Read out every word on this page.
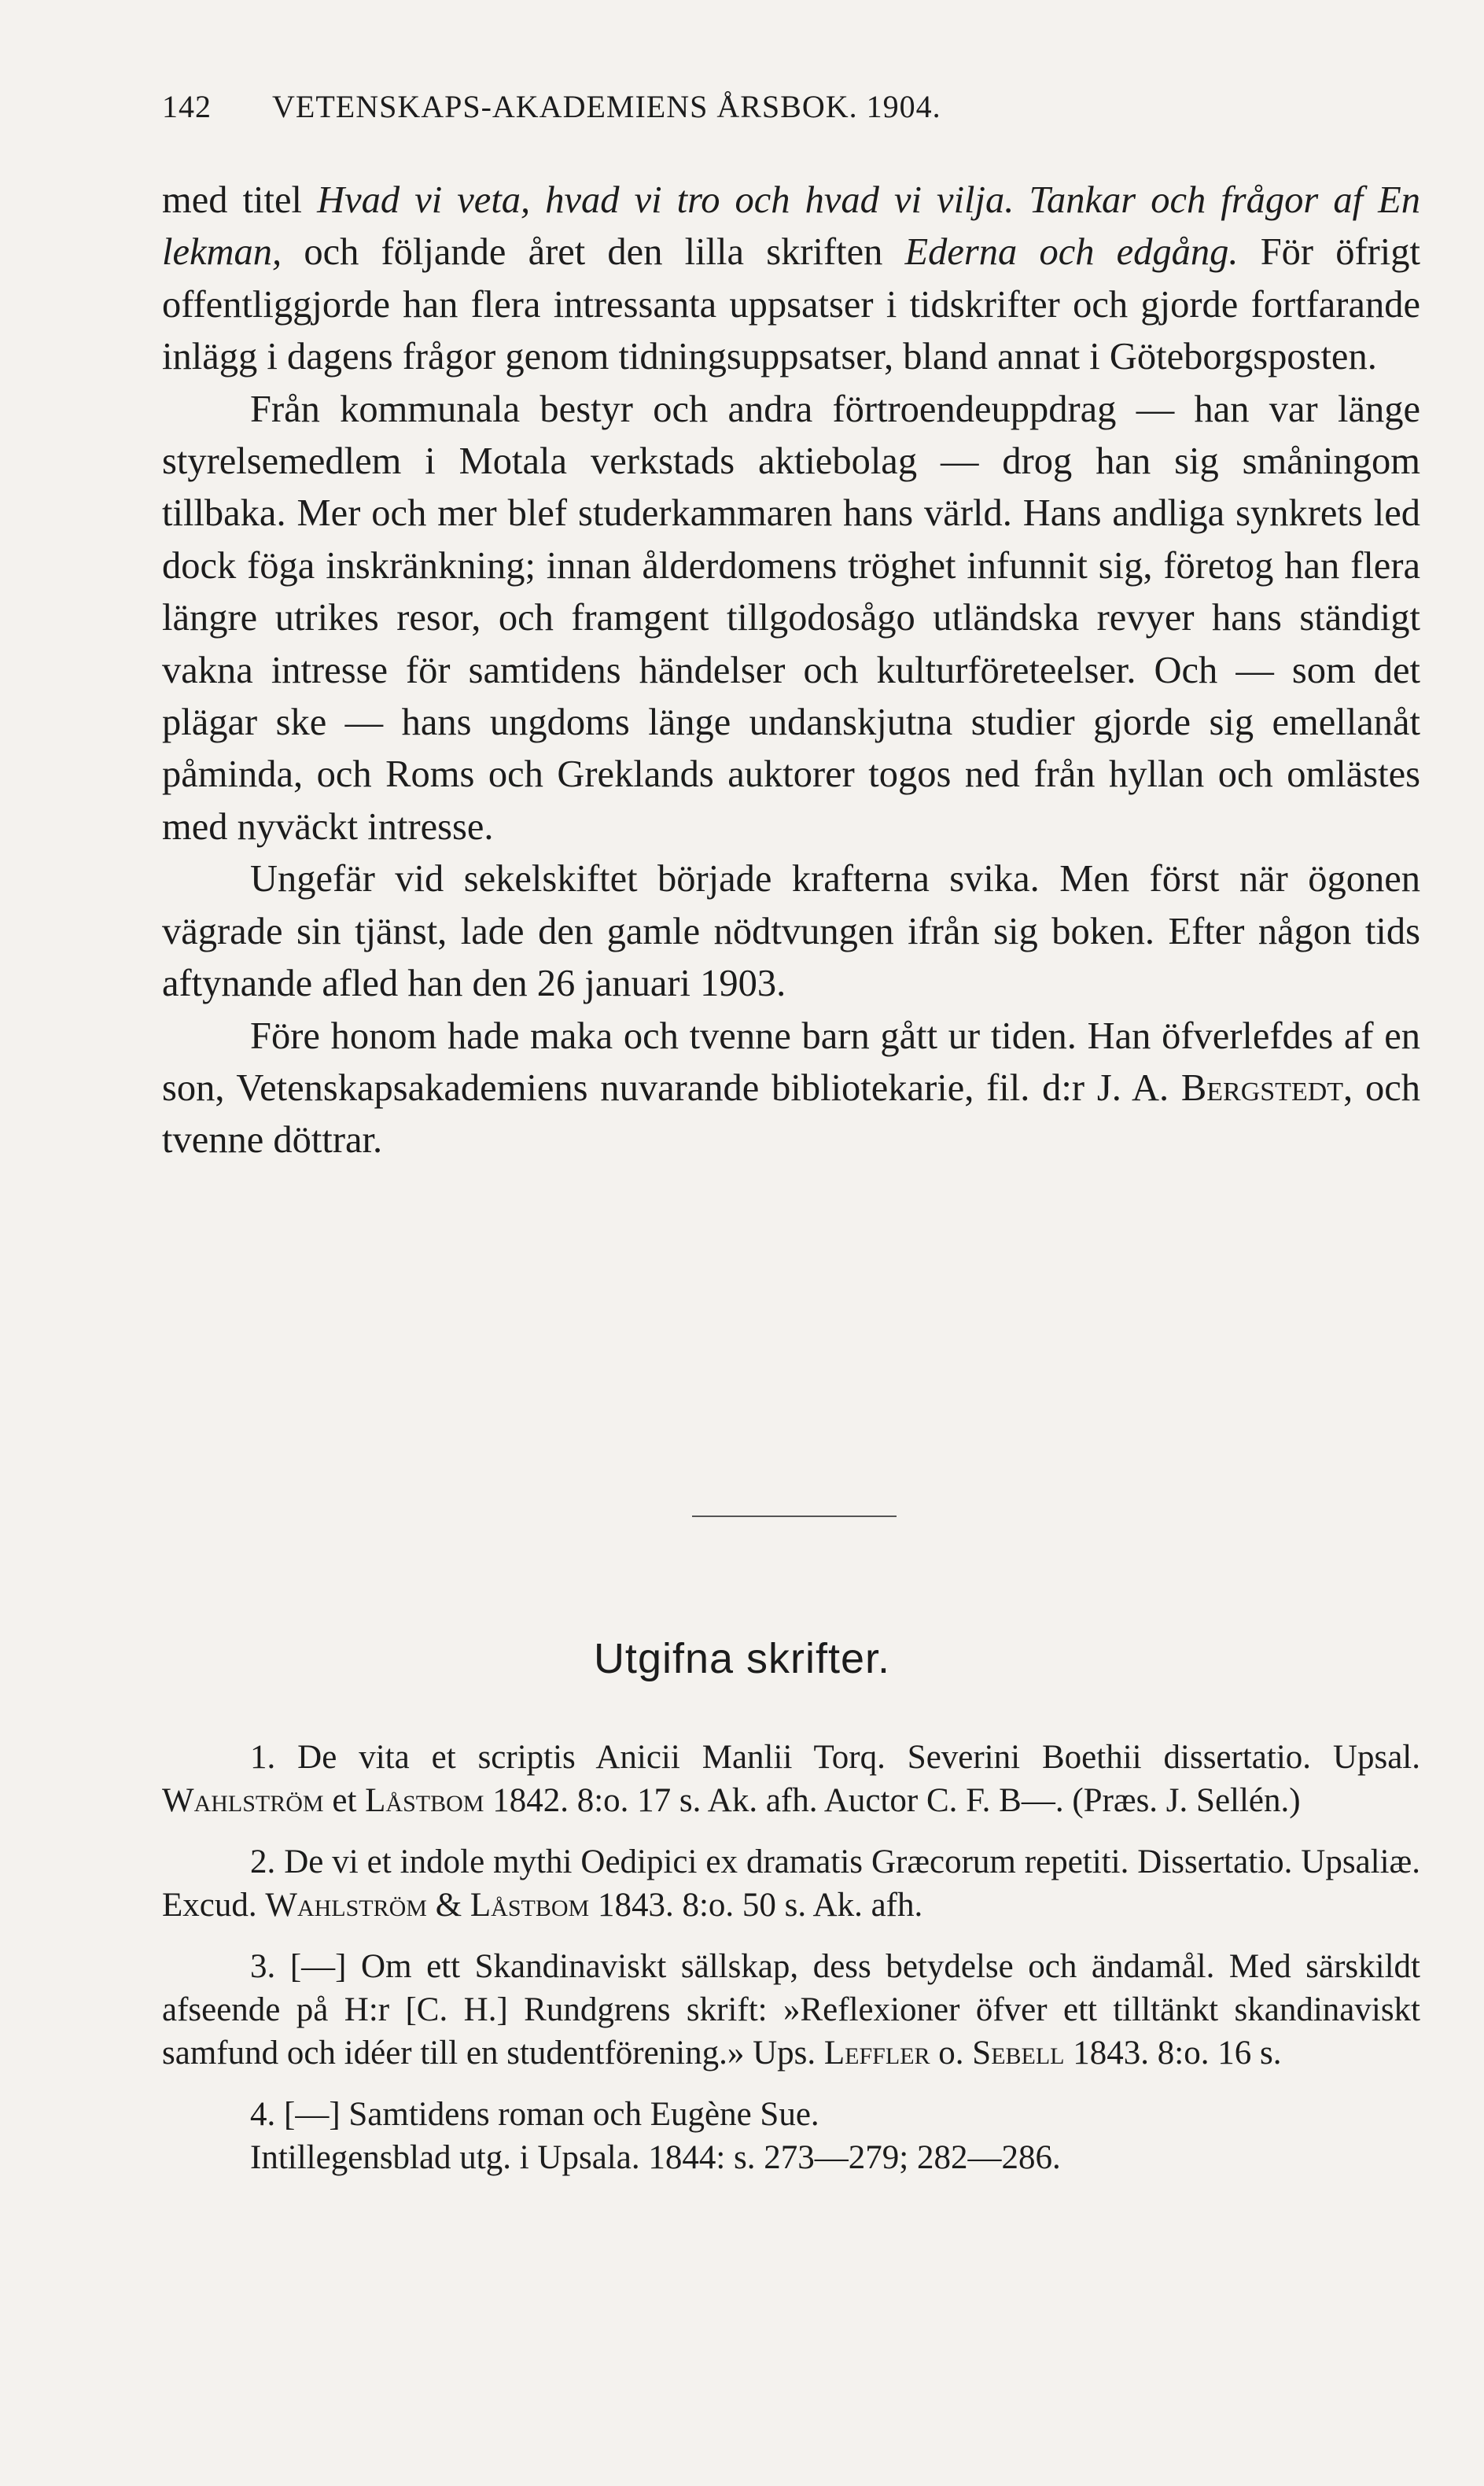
142 VETENSKAPS-AKADEMIENS ÅRSBOK. 1904.

med titel Hvad vi veta, hvad vi tro och hvad vi vilja. Tankar och frågor af En lekman, och följande året den lilla skriften Ederna och edgång. För öfrigt offentliggjorde han flera intressanta uppsatser i tidskrifter och gjorde fortfarande inlägg i dagens frågor genom tidningsuppsatser, bland annat i Göteborgsposten.

Från kommunala bestyr och andra förtroendeuppdrag — han var länge styrelsemedlem i Motala verkstads aktiebolag — drog han sig småningom tillbaka. Mer och mer blef studerkammaren hans värld. Hans andliga synkrets led dock föga inskränkning; innan ålderdomens tröghet infunnit sig, företog han flera längre utrikes resor, och framgent tillgodosågo utländska revyer hans ständigt vakna intresse för samtidens händelser och kulturföreteelser. Och — som det plägar ske — hans ungdoms länge undanskjutna studier gjorde sig emellanåt påminda, och Roms och Greklands auktorer togos ned från hyllan och omlästes med nyväckt intresse.

Ungefär vid sekelskiftet började krafterna svika. Men först när ögonen vägrade sin tjänst, lade den gamle nödtvungen ifrån sig boken. Efter någon tids aftynande afled han den 26 januari 1903.

Före honom hade maka och tvenne barn gått ur tiden. Han öfverlefdes af en son, Vetenskapsakademiens nuvarande bibliotekarie, fil. d:r J. A. Bergstedt, och tvenne döttrar.

Utgifna skrifter.

1. De vita et scriptis Anicii Manlii Torq. Severini Boethii dissertatio. Upsal. Wahlström et Låstbom 1842. 8:o. 17 s. Ak. afh. Auctor C. F. B—. (Præs. J. Sellén.)

2. De vi et indole mythi Oedipici ex dramatis Græcorum repetiti. Dissertatio. Upsaliæ. Excud. Wahlström & Låstbom 1843. 8:o. 50 s. Ak. afh.

3. [—] Om ett Skandinaviskt sällskap, dess betydelse och ändamål. Med särskildt afseende på H:r [C. H.] Rundgrens skrift: »Reflexioner öfver ett tilltänkt skandinaviskt samfund och idéer till en studentförening.» Ups. Leffler o. Sebell 1843. 8:o. 16 s.

4. [—] Samtidens roman och Eugène Sue.

Intillegensblad utg. i Upsala. 1844: s. 273—279; 282—286.
